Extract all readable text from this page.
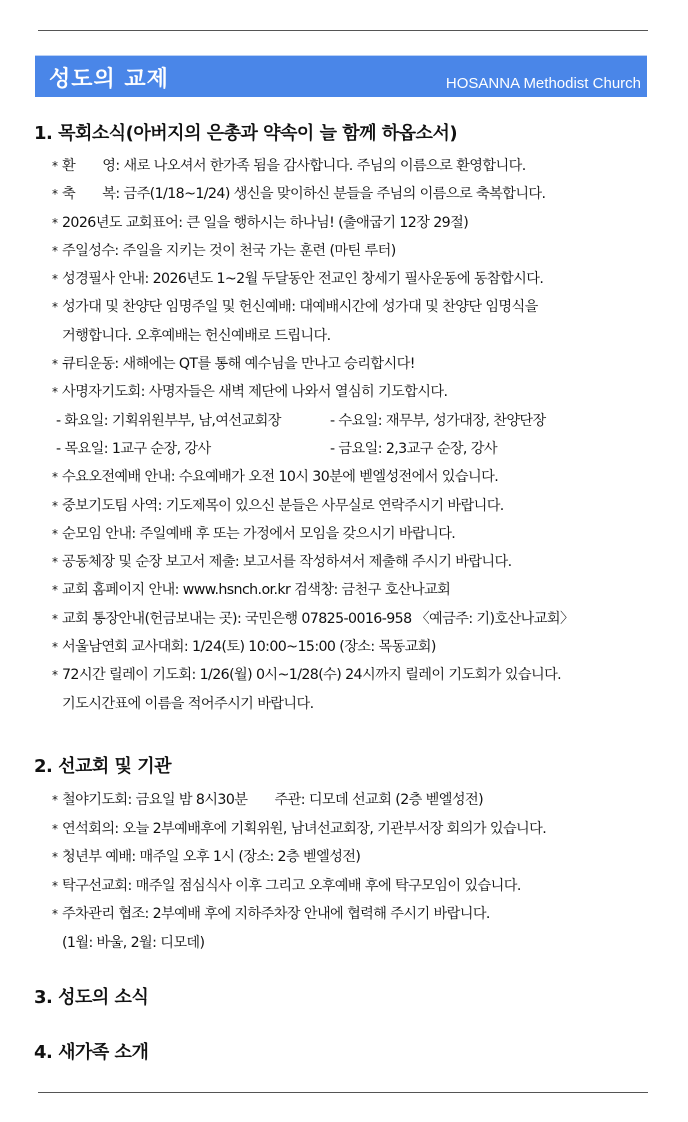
성도의 교제	HOSANNA Methodist Church
1. 목회소식(아버지의 은총과 약속이 늘 함께 하옵소서)
* 환　　영: 새로 나오셔서 한가족 됨을 감사합니다. 주님의 이름으로 환영합니다.
* 축　　복: 금주(1/18~1/24) 생신을 맞이하신 분들을 주님의 이름으로 축복합니다.
* 2026년도 교회표어: 큰 일을 행하시는 하나님! (출애굽기 12장 29절)
* 주일성수: 주일을 지키는 것이 천국 가는 훈련 (마틴 루터)
* 성경필사 안내: 2026년도 1~2월 두달동안 전교인 창세기 필사운동에 동참합시다.
* 성가대 및 찬양단 임명주일 및 헌신예배: 대예배시간에 성가대 및 찬양단 임명식을
거행합니다. 오후예배는 헌신예배로 드립니다.
* 큐티운동: 새해에는 QT를 통해 예수님을 만나고 승리합시다!
* 사명자기도회: 사명자들은 새벽 제단에 나와서 열심히 기도합시다.
- 화요일: 기획위원부부, 남,여선교회장	- 수요일: 재무부, 성가대장, 찬양단장
- 목요일: 1교구 순장, 강사	- 금요일: 2,3교구 순장, 강사
* 수요오전예배 안내: 수요예배가 오전 10시 30분에 벧엘성전에서 있습니다.
* 중보기도팀 사역: 기도제목이 있으신 분들은 사무실로 연락주시기 바랍니다.
* 순모임 안내: 주일예배 후 또는 가정에서 모임을 갖으시기 바랍니다.
* 공동체장 및 순장 보고서 제출: 보고서를 작성하셔서 제출해 주시기 바랍니다.
* 교회 홈페이지 안내: www.hsnch.or.kr 검색창: 금천구 호산나교회
* 교회 통장안내(헌금보내는 곳): 국민은행 07825-0016-958 〈예금주: 기)호산나교회〉
* 서울남연회 교사대회: 1/24(토) 10:00~15:00 (장소: 목동교회)
* 72시간 릴레이 기도회: 1/26(월) 0시~1/28(수) 24시까지 릴레이 기도회가 있습니다.
기도시간표에 이름을 적어주시기 바랍니다.
2. 선교회 및 기관
* 철야기도회: 금요일 밤 8시30분　　주관: 디모데 선교회 (2층 벧엘성전)
* 연석회의: 오늘 2부예배후에 기획위원, 남녀선교회장, 기관부서장 회의가 있습니다.
* 청년부 예배: 매주일 오후 1시 (장소: 2층 벧엘성전)
* 탁구선교회: 매주일 점심식사 이후 그리고 오후예배 후에 탁구모임이 있습니다.
* 주차관리 협조: 2부예배 후에 지하주차장 안내에 협력해 주시기 바랍니다.
(1월: 바울, 2월: 디모데)
3. 성도의 소식
4. 새가족 소개
